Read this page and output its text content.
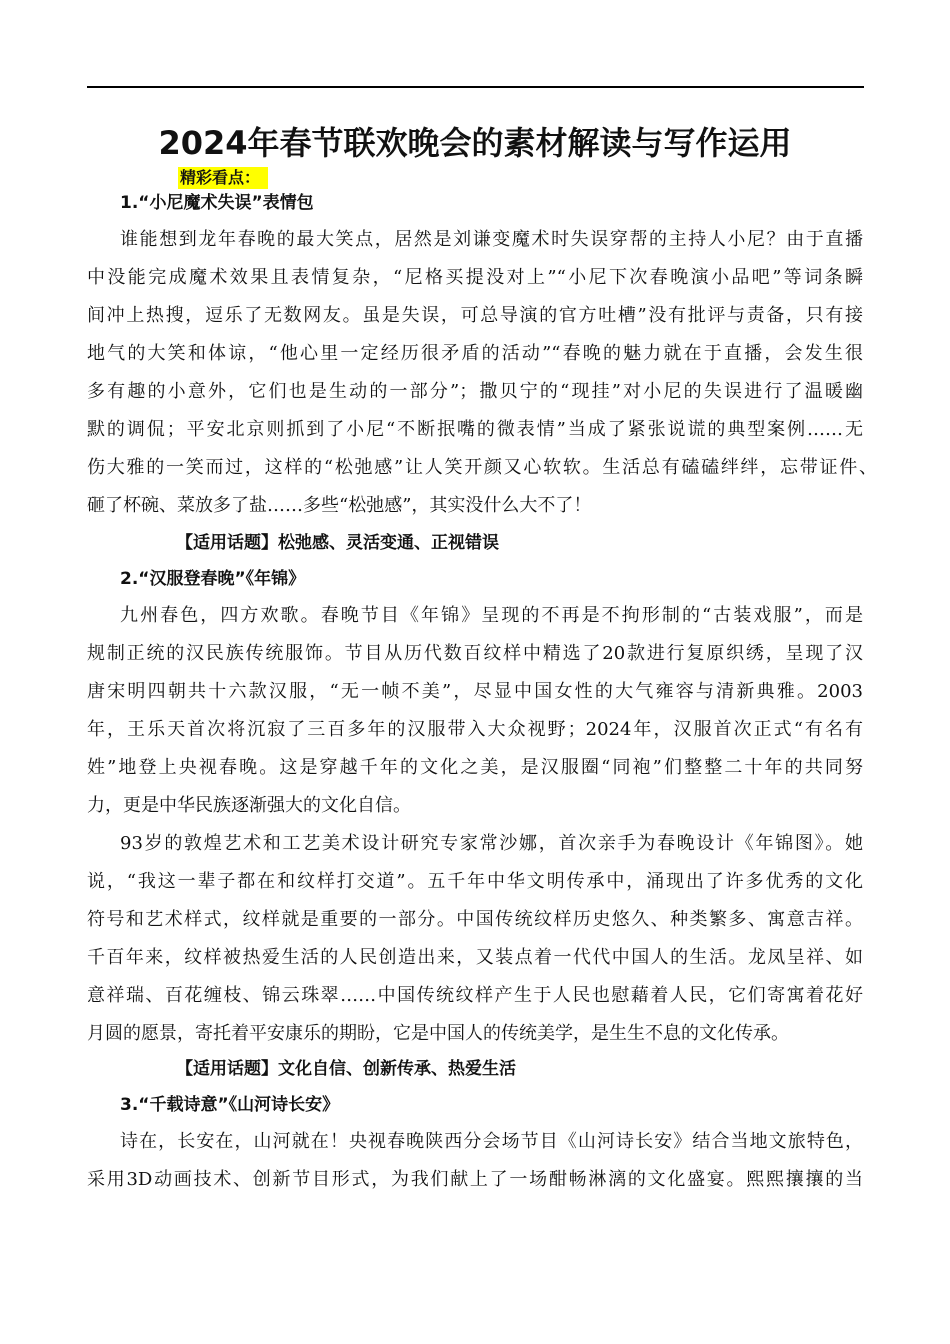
2024年春节联欢晚会的素材解读与写作运用
精彩看点：
1.“小尼魔术失误”表情包
谁能想到龙年春晚的最大笑点，居然是刘谦变魔术时失误穿帮的主持人小尼？由于直播
中没能完成魔术效果且表情复杂，“尼格买提没对上”“小尼下次春晚演小品吧”等词条瞬
间冲上热搜，逗乐了无数网友。虽是失误，可总导演的官方吐槽”没有批评与责备，只有接
地气的大笑和体谅，“他心里一定经历很矛盾的活动”“春晚的魅力就在于直播，会发生很
多有趣的小意外，它们也是生动的一部分”；撒贝宁的“现挂”对小尼的失误进行了温暖幽
默的调侃；平安北京则抓到了小尼“不断抿嘴的微表情”当成了紧张说谎的典型案例……无
伤大雅的一笑而过，这样的“松弛感”让人笑开颜又心软软。生活总有磕磕绊绊，忘带证件、
砸了杯碗、菜放多了盐……多些“松弛感”，其实没什么大不了！
【适用话题】松弛感、灵活变通、正视错误
2.“汉服登春晚”《年锦》
九州春色，四方欢歌。春晚节目《年锦》呈现的不再是不拘形制的“古装戏服”，而是
规制正统的汉民族传统服饰。节目从历代数百纹样中精选了20款进行复原织绣，呈现了汉
唐宋明四朝共十六款汉服，“无一帧不美”，尽显中国女性的大气雍容与清新典雅。2003
年，王乐天首次将沉寂了三百多年的汉服带入大众视野；2024年，汉服首次正式“有名有
姓”地登上央视春晚。这是穿越千年的文化之美，是汉服圈“同袍”们整整二十年的共同努
力，更是中华民族逐渐强大的文化自信。
93岁的敦煌艺术和工艺美术设计研究专家常沙娜，首次亲手为春晚设计《年锦图》。她
说，“我这一辈子都在和纹样打交道”。五千年中华文明传承中，涌现出了许多优秀的文化
符号和艺术样式，纹样就是重要的一部分。中国传统纹样历史悠久、种类繁多、寓意吉祥。
千百年来，纹样被热爱生活的人民创造出来，又装点着一代代中国人的生活。龙凤呈祥、如
意祥瑞、百花缠枝、锦云珠翠……中国传统纹样产生于人民也慰藉着人民，它们寄寓着花好
月圆的愿景，寄托着平安康乐的期盼，它是中国人的传统美学，是生生不息的文化传承。
【适用话题】文化自信、创新传承、热爱生活
3.“千载诗意”《山河诗长安》
诗在，长安在，山河就在！央视春晚陕西分会场节目《山河诗长安》结合当地文旅特色，
采用3D动画技术、创新节目形式，为我们献上了一场酣畅淋漓的文化盛宴。熙熙攘攘的当
